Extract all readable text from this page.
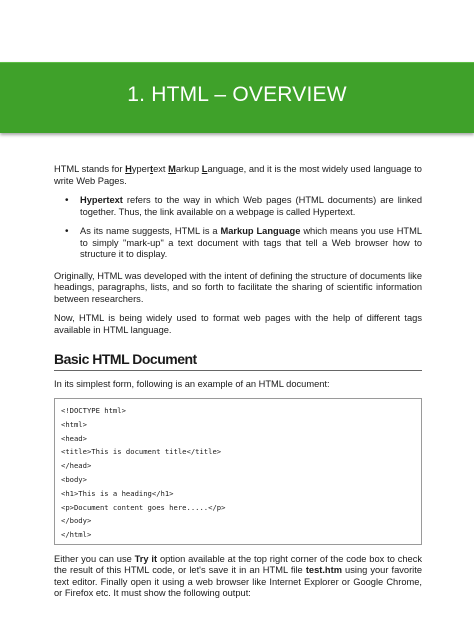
1. HTML – OVERVIEW

HTML stands for Hypertext Markup Language, and it is the most widely used language to write Web Pages.

• Hypertext refers to the way in which Web pages (HTML documents) are linked together. Thus, the link available on a webpage is called Hypertext.
• As its name suggests, HTML is a Markup Language which means you use HTML to simply "mark-up" a text document with tags that tell a Web browser how to structure it to display.

Originally, HTML was developed with the intent of defining the structure of documents like headings, paragraphs, lists, and so forth to facilitate the sharing of scientific information between researchers.

Now, HTML is being widely used to format web pages with the help of different tags available in HTML language.

Basic HTML Document

In its simplest form, following is an example of an HTML document:

<!DOCTYPE html>
<html>
<head>
<title>This is document title</title>
</head>
<body>
<h1>This is a heading</h1>
<p>Document content goes here.....</p>
</body>
</html>

Either you can use Try it option available at the top right corner of the code box to check the result of this HTML code, or let's save it in an HTML file test.htm using your favorite text editor. Finally open it using a web browser like Internet Explorer or Google Chrome, or Firefox etc. It must show the following output:
